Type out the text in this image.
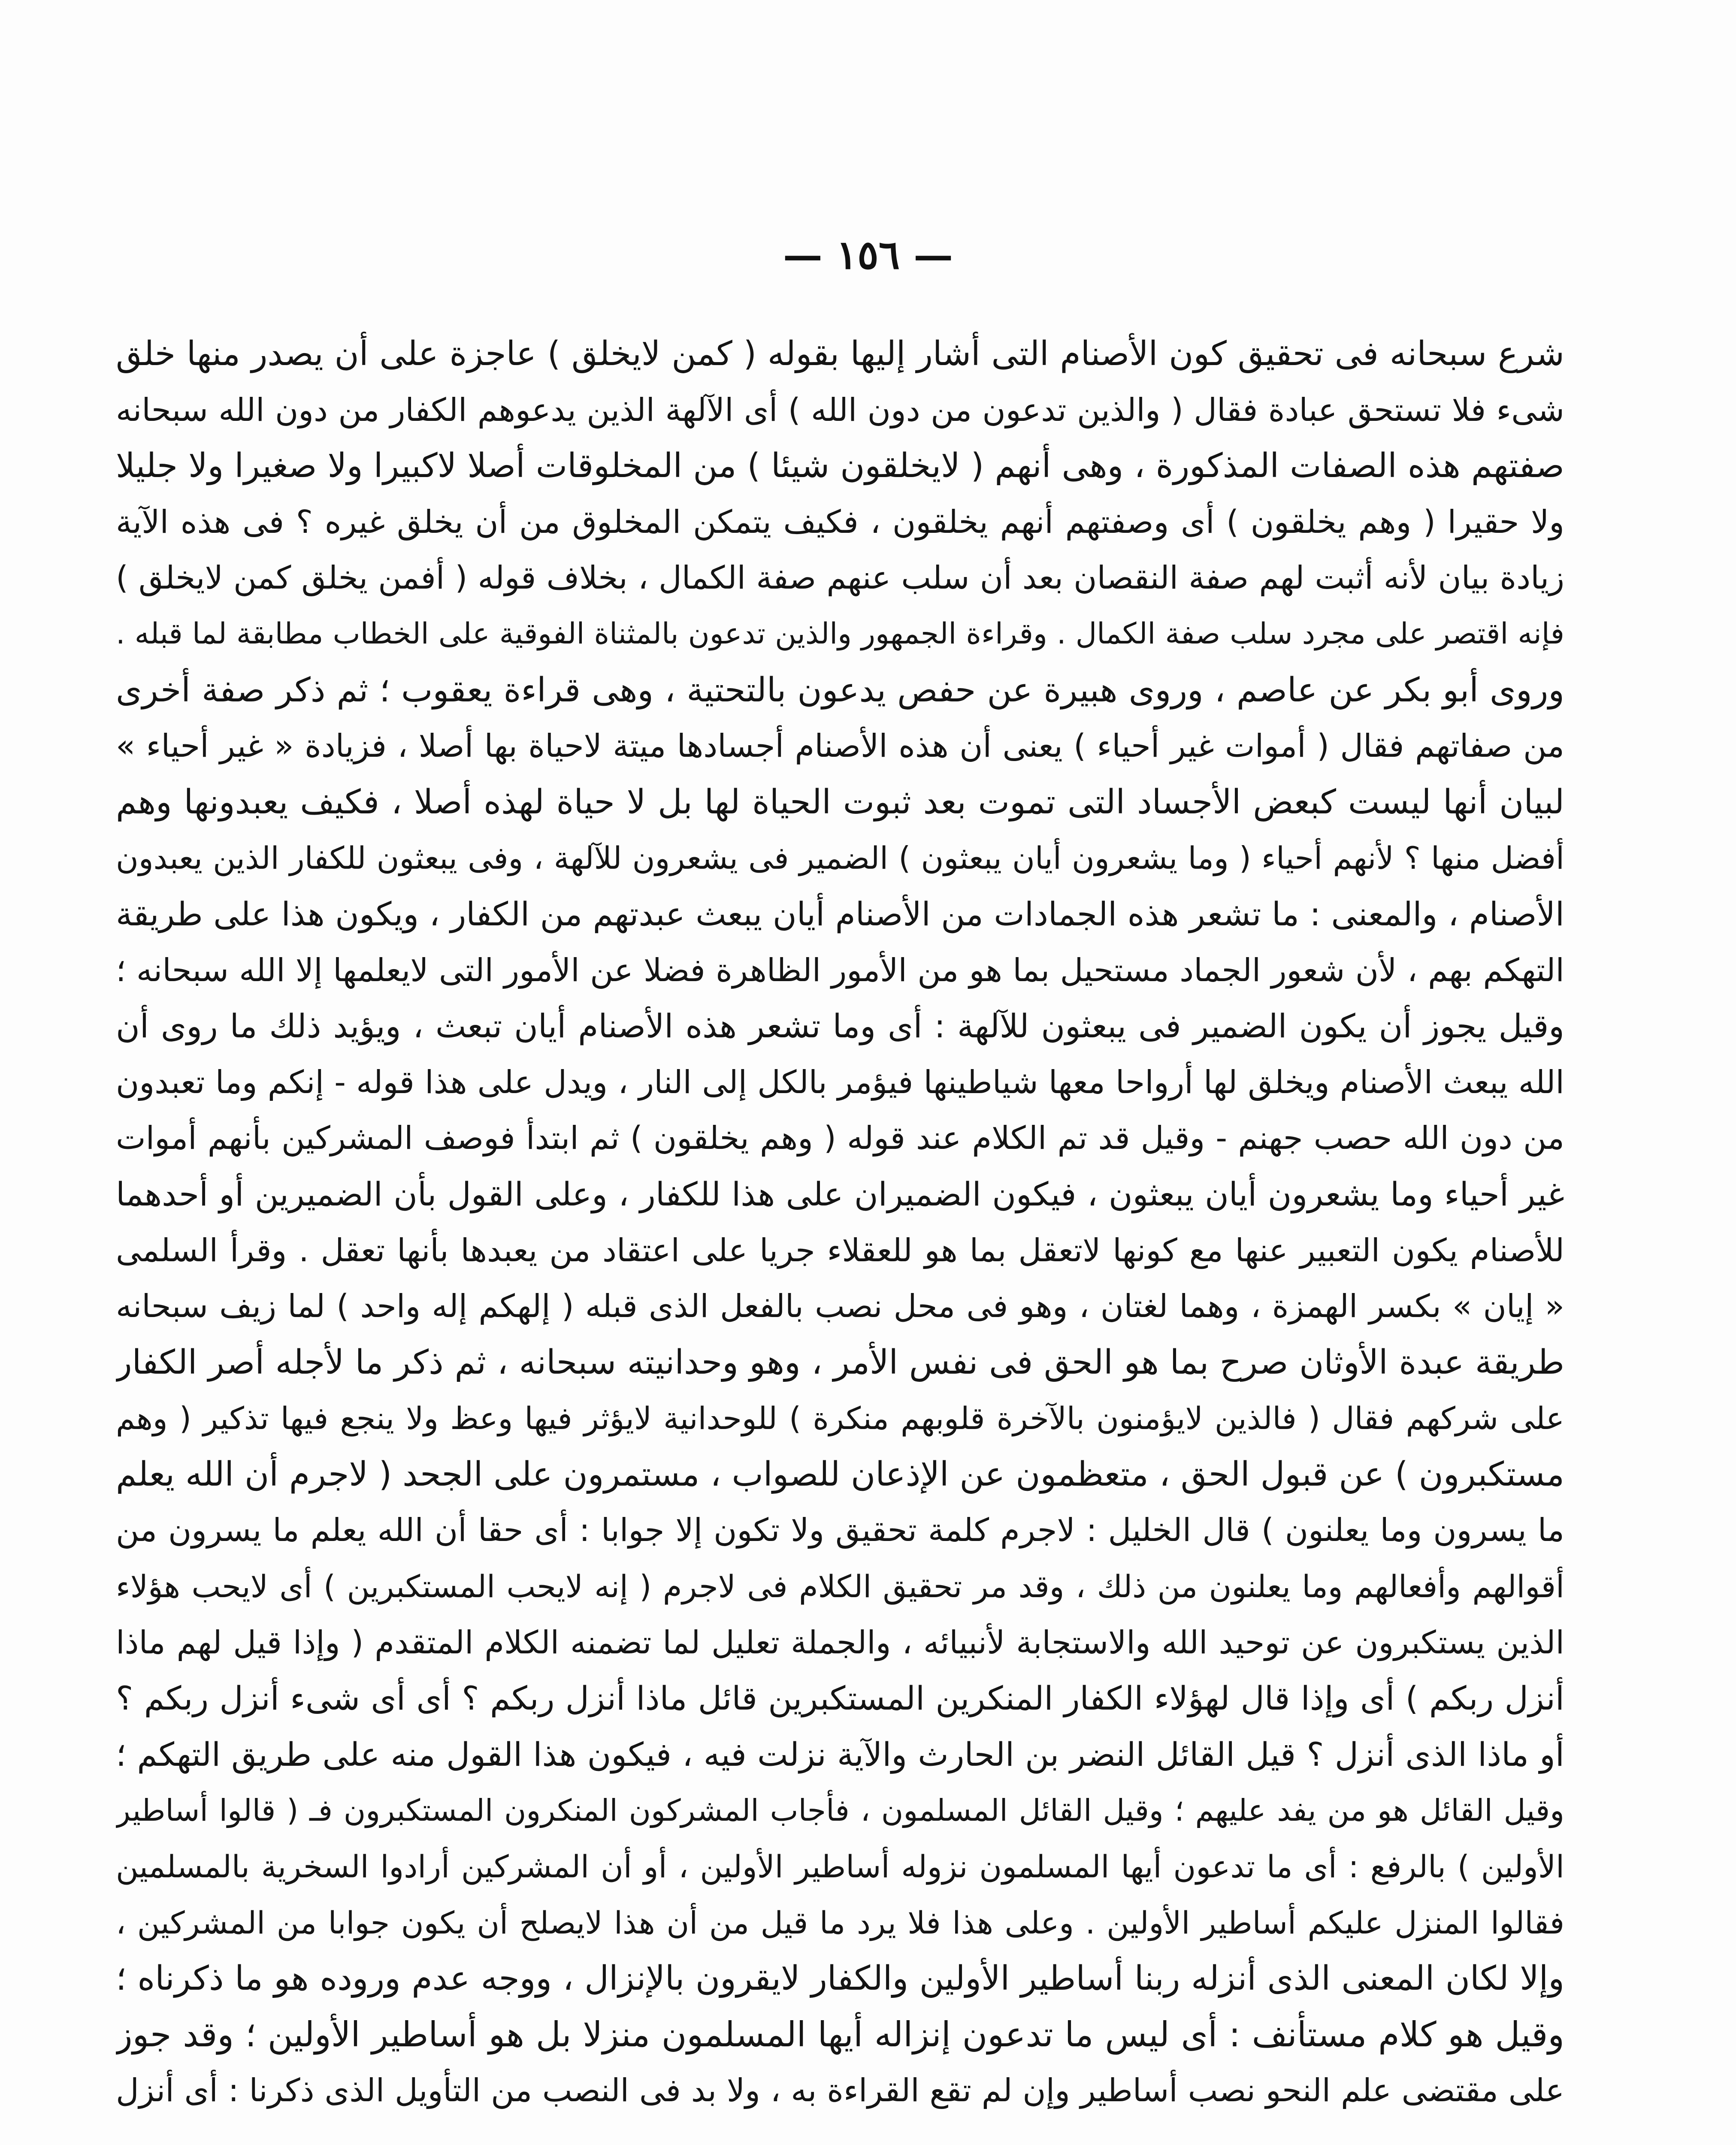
— ١٥٦ —
شرع سبحانه فى تحقيق كون الأصنام التى أشار إليها بقوله ( كمن لايخلق ) عاجزة على أن يصدر منها خلق
شىء فلا تستحق عبادة فقال ( والذين تدعون من دون الله ) أى الآلهة الذين يدعوهم الكفار من دون الله سبحانه
صفتهم هذه الصفات المذكورة ، وهى أنهم ( لايخلقون شيئا ) من المخلوقات أصلا لاكبيرا ولا صغيرا ولا جليلا
ولا حقيرا ( وهم يخلقون ) أى وصفتهم أنهم يخلقون ، فكيف يتمكن المخلوق من أن يخلق غيره ؟ فى هذه الآية
زيادة بيان لأنه أثبت لهم صفة النقصان بعد أن سلب عنهم صفة الكمال ، بخلاف قوله ( أفمن يخلق كمن لايخلق )
فإنه اقتصر على مجرد سلب صفة الكمال . وقراءة الجمهور والذين تدعون بالمثناة الفوقية على الخطاب مطابقة لما قبله .
وروى أبو بكر عن عاصم ، وروى هبيرة عن حفص يدعون بالتحتية ، وهى قراءة يعقوب ؛ ثم ذكر صفة أخرى
من صفاتهم فقال ( أموات غير أحياء ) يعنى أن هذه الأصنام أجسادها ميتة لاحياة بها أصلا ، فزيادة « غير أحياء »
لبيان أنها ليست كبعض الأجساد التى تموت بعد ثبوت الحياة لها بل لا حياة لهذه أصلا ، فكيف يعبدونها وهم
أفضل منها ؟ لأنهم أحياء ( وما يشعرون أيان يبعثون ) الضمير فى يشعرون للآلهة ، وفى يبعثون للكفار الذين يعبدون
الأصنام ، والمعنى : ما تشعر هذه الجمادات من الأصنام أيان يبعث عبدتهم من الكفار ، ويكون هذا على طريقة
التهكم بهم ، لأن شعور الجماد مستحيل بما هو من الأمور الظاهرة فضلا عن الأمور التى لايعلمها إلا الله سبحانه ؛
وقيل يجوز أن يكون الضمير فى يبعثون للآلهة : أى وما تشعر هذه الأصنام أيان تبعث ، ويؤيد ذلك ما روى أن
الله يبعث الأصنام ويخلق لها أرواحا معها شياطينها فيؤمر بالكل إلى النار ، ويدل على هذا قوله - إنكم وما تعبدون
من دون الله حصب جهنم - وقيل قد تم الكلام عند قوله ( وهم يخلقون ) ثم ابتدأ فوصف المشركين بأنهم أموات
غير أحياء وما يشعرون أيان يبعثون ، فيكون الضميران على هذا للكفار ، وعلى القول بأن الضميرين أو أحدهما
للأصنام يكون التعبير عنها مع كونها لاتعقل بما هو للعقلاء جريا على اعتقاد من يعبدها بأنها تعقل . وقرأ السلمى
« إيان » بكسر الهمزة ، وهما لغتان ، وهو فى محل نصب بالفعل الذى قبله ( إلهكم إله واحد ) لما زيف سبحانه
طريقة عبدة الأوثان صرح بما هو الحق فى نفس الأمر ، وهو وحدانيته سبحانه ، ثم ذكر ما لأجله أصر الكفار
على شركهم فقال ( فالذين لايؤمنون بالآخرة قلوبهم منكرة ) للوحدانية لايؤثر فيها وعظ ولا ينجع فيها تذكير ( وهم
مستكبرون ) عن قبول الحق ، متعظمون عن الإذعان للصواب ، مستمرون على الجحد ( لاجرم أن الله يعلم
ما يسرون وما يعلنون ) قال الخليل : لاجرم كلمة تحقيق ولا تكون إلا جوابا : أى حقا أن الله يعلم ما يسرون من
أقوالهم وأفعالهم وما يعلنون من ذلك ، وقد مر تحقيق الكلام فى لاجرم ( إنه لايحب المستكبرين ) أى لايحب هؤلاء
الذين يستكبرون عن توحيد الله والاستجابة لأنبيائه ، والجملة تعليل لما تضمنه الكلام المتقدم ( وإذا قيل لهم ماذا
أنزل ربكم ) أى وإذا قال لهؤلاء الكفار المنكرين المستكبرين قائل ماذا أنزل ربكم ؟ أى أى شىء أنزل ربكم ؟
أو ماذا الذى أنزل ؟ قيل القائل النضر بن الحارث والآية نزلت فيه ، فيكون هذا القول منه على طريق التهكم ؛
وقيل القائل هو من يفد عليهم ؛ وقيل القائل المسلمون ، فأجاب المشركون المنكرون المستكبرون فـ ( قالوا أساطير
الأولين ) بالرفع : أى ما تدعون أيها المسلمون نزوله أساطير الأولين ، أو أن المشركين أرادوا السخرية بالمسلمين
فقالوا المنزل عليكم أساطير الأولين . وعلى هذا فلا يرد ما قيل من أن هذا لايصلح أن يكون جوابا من المشركين ،
وإلا لكان المعنى الذى أنزله ربنا أساطير الأولين والكفار لايقرون بالإنزال ، ووجه عدم وروده هو ما ذكرناه ؛
وقيل هو كلام مستأنف : أى ليس ما تدعون إنزاله أيها المسلمون منزلا بل هو أساطير الأولين ؛ وقد جوز
على مقتضى علم النحو نصب أساطير وإن لم تقع القراءة به ، ولا بد فى النصب من التأويل الذى ذكرنا : أى أنزل
